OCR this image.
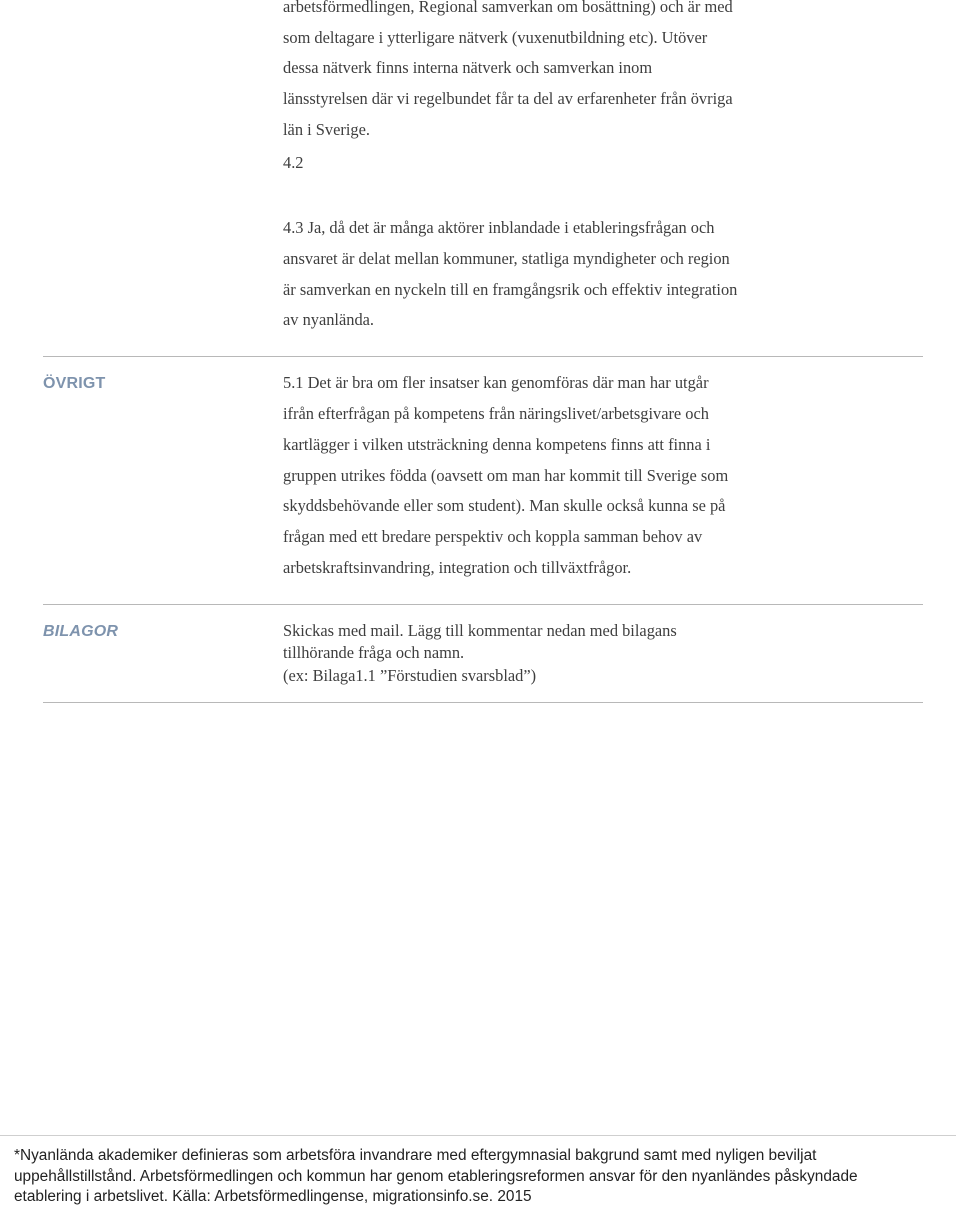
arbetsförmedlingen, Regional samverkan om bosättning) och är med
som deltagare i ytterligare nätverk (vuxenutbildning etc). Utöver
dessa nätverk finns interna nätverk och samverkan inom
länsstyrelsen där vi regelbundet får ta del av erfarenheter från övriga
län i Sverige.
4.2
4.3 Ja, då det är många aktörer inblandade i etableringsfrågan och
ansvaret är delat mellan kommuner, statliga myndigheter och region
är samverkan en nyckeln till en framgångsrik och effektiv integration
av nyanlända.
ÖVRIGT	5.1 Det är bra om fler insatser kan genomföras där man har utgår
ifrån efterfrågan på kompetens från näringslivet/arbetsgivare och
kartlägger i vilken utsträckning denna kompetens finns att finna i
gruppen utrikes födda (oavsett om man har kommit till Sverige som
skyddsbehövande eller som student). Man skulle också kunna se på
frågan med ett bredare perspektiv och koppla samman behov av
arbetskraftsinvandring, integration och tillväxtfrågor.
BILAGOR	Skickas med mail. Lägg till kommentar nedan med bilagans
tillhörande fråga och namn.
(ex: Bilaga1.1 ”Förstudien svarsblad”)
*Nyanlända akademiker definieras som arbetsföra invandrare med eftergymnasial bakgrund samt med nyligen beviljat
uppehållstillstånd. Arbetsförmedlingen och kommun har genom etableringsreformen ansvar för den nyanländes påskyndade
etablering i arbetslivet. Källa: Arbetsförmedlingense, migrationsinfo.se. 2015
